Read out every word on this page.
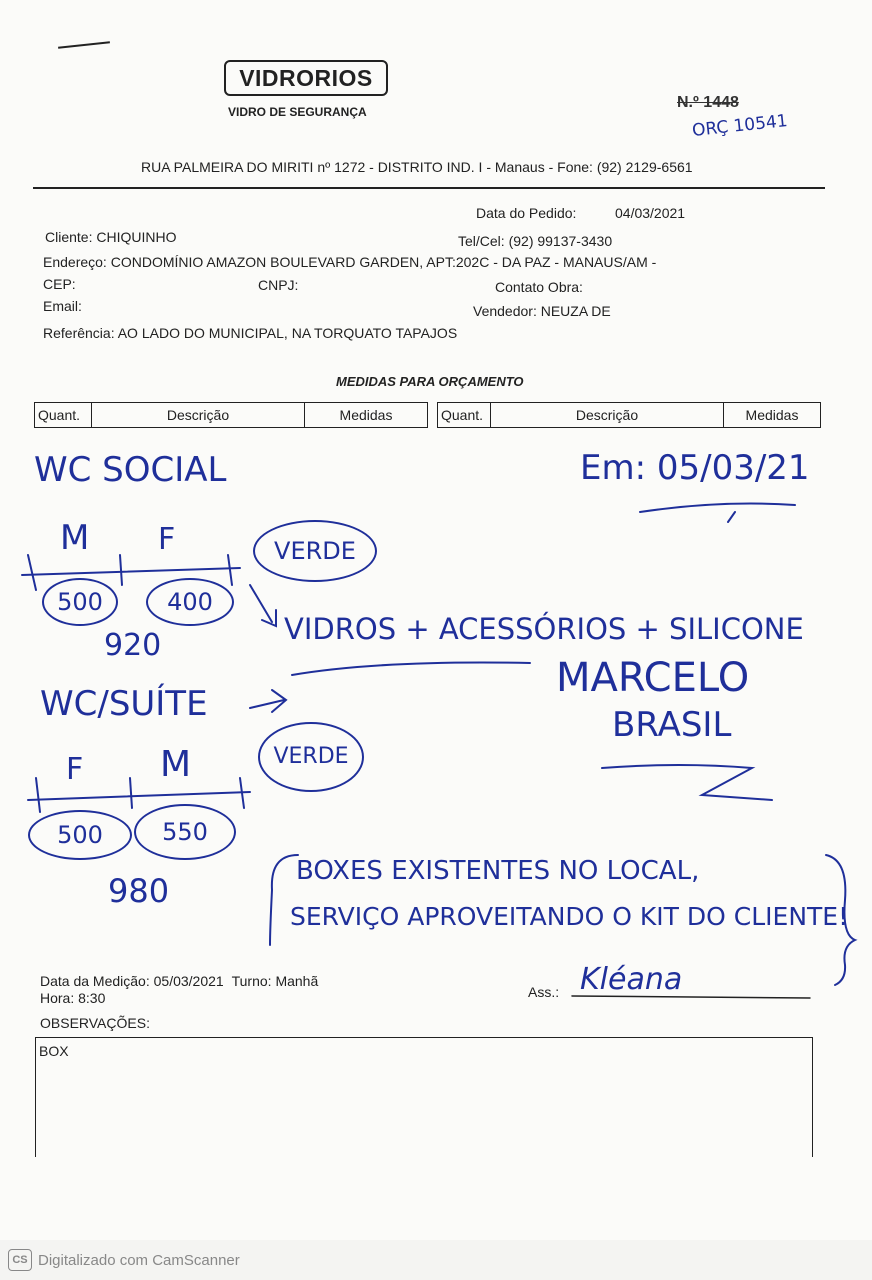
VIDRORIOS
VIDRO DE SEGURANÇA
N.º 1448
ORÇ 10541
RUA PALMEIRA DO MIRITI nº 1272 - DISTRITO IND. I - Manaus - Fone: (92) 2129-6561
Data do Pedido:	04/03/2021
Cliente: CHIQUINHO	Tel/Cel: (92) 99137-3430
Endereço: CONDOMÍNIO AMAZON BOULEVARD GARDEN, APT:202C - DA PAZ - MANAUS/AM -
CEP:	CNPJ:	Contato Obra:
Email:	Vendedor: NEUZA DE
Referência: AO LADO DO MUNICIPAL, NA TORQUATO TAPAJOS
MEDIDAS PARA ORÇAMENTO
Quant.	Descrição	Medidas	Quant.	Descrição	Medidas
WC SOCIAL	Em: 05/03/21
M F	VERDE
500	400
920	VIDROS + ACESSÓRIOS + SILICONE
WC/SUÍTE
MARCELO
BRASIL
F M	VERDE
500	550
980
BOXES EXISTENTES NO LOCAL,
SERVIÇO APROVEITANDO O KIT DO CLIENTE!
Data da Medição: 05/03/2021 Turno: Manhã
Hora: 8:30	Ass.: Kléana
OBSERVAÇÕES:
BOX
CS Digitalizado com CamScanner
